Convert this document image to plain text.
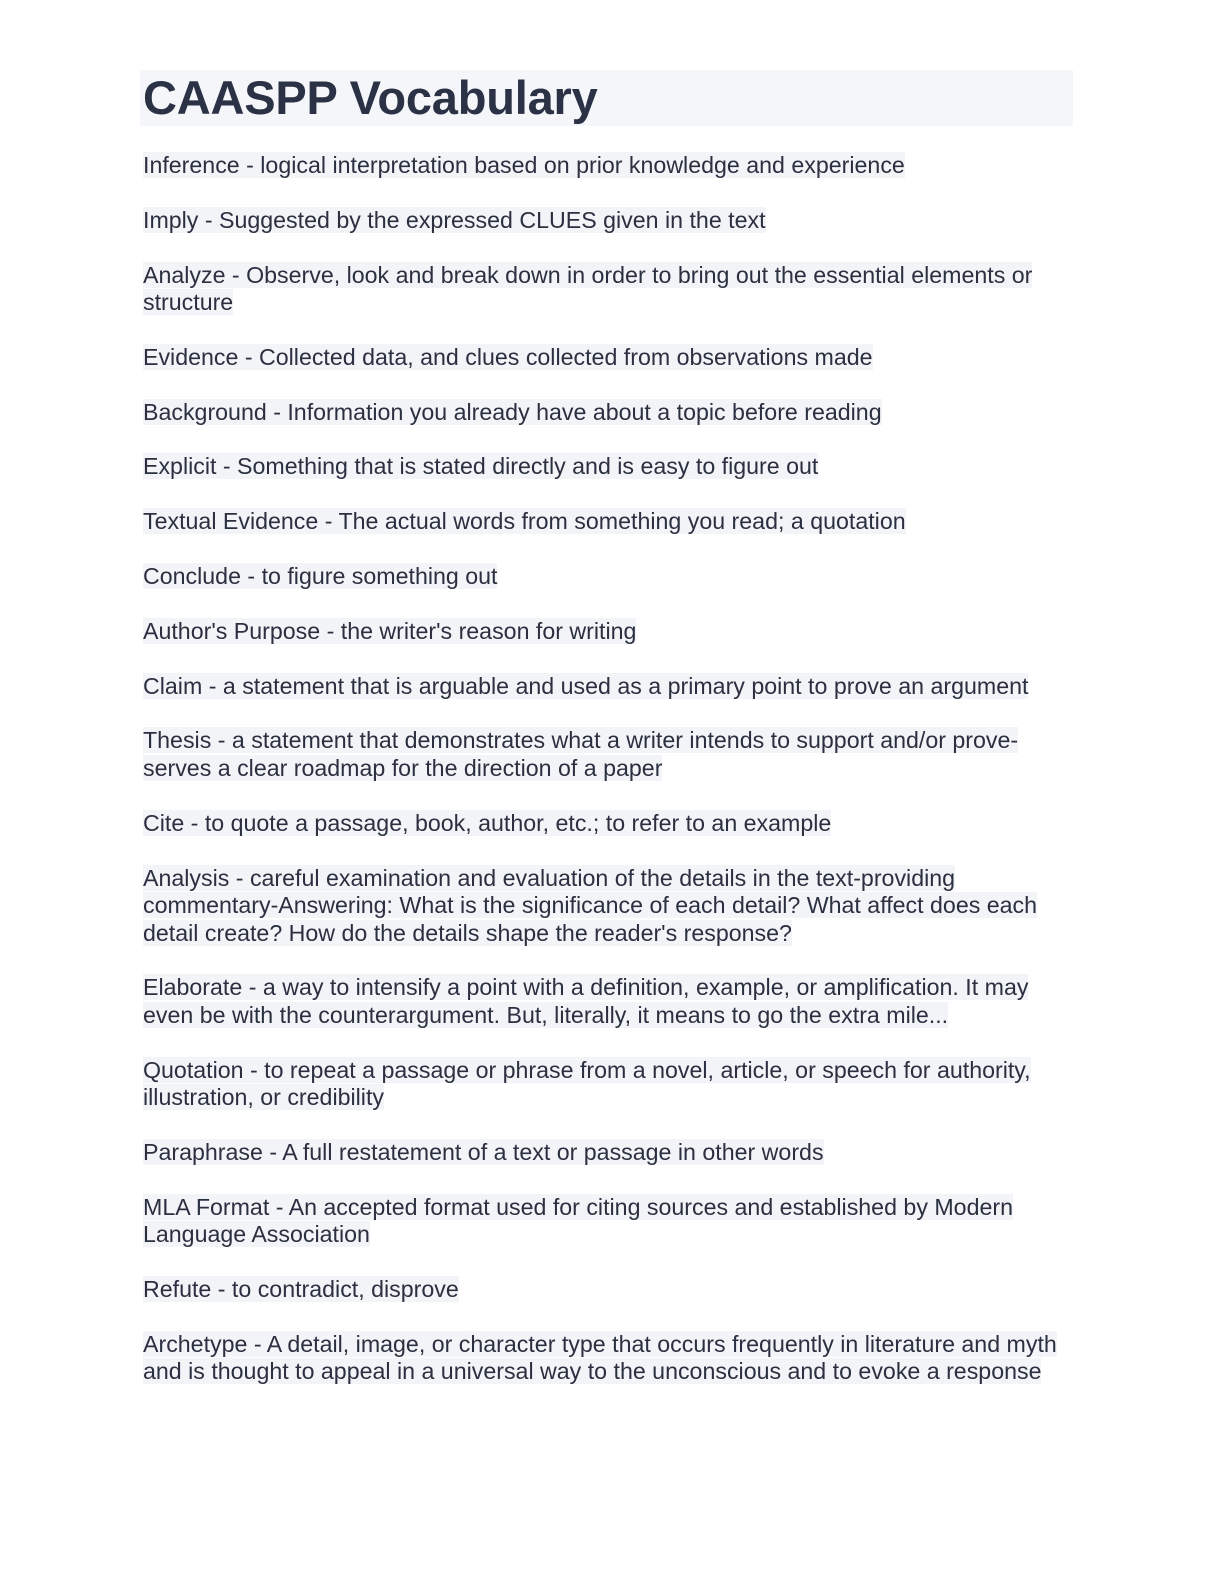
CAASPP Vocabulary

Inference - logical interpretation based on prior knowledge and experience

Imply - Suggested by the expressed CLUES given in the text

Analyze - Observe, look and break down in order to bring out the essential elements or structure

Evidence - Collected data, and clues collected from observations made

Background - Information you already have about a topic before reading

Explicit - Something that is stated directly and is easy to figure out

Textual Evidence - The actual words from something you read; a quotation

Conclude - to figure something out

Author's Purpose - the writer's reason for writing

Claim - a statement that is arguable and used as a primary point to prove an argument

Thesis - a statement that demonstrates what a writer intends to support and/or prove- serves a clear roadmap for the direction of a paper

Cite - to quote a passage, book, author, etc.; to refer to an example

Analysis - careful examination and evaluation of the details in the text-providing commentary-Answering: What is the significance of each detail? What affect does each detail create? How do the details shape the reader's response?

Elaborate - a way to intensify a point with a definition, example, or amplification. It may even be with the counterargument. But, literally, it means to go the extra mile...

Quotation - to repeat a passage or phrase from a novel, article, or speech for authority, illustration, or credibility

Paraphrase - A full restatement of a text or passage in other words

MLA Format - An accepted format used for citing sources and established by Modern Language Association

Refute - to contradict, disprove

Archetype - A detail, image, or character type that occurs frequently in literature and myth and is thought to appeal in a universal way to the unconscious and to evoke a response
